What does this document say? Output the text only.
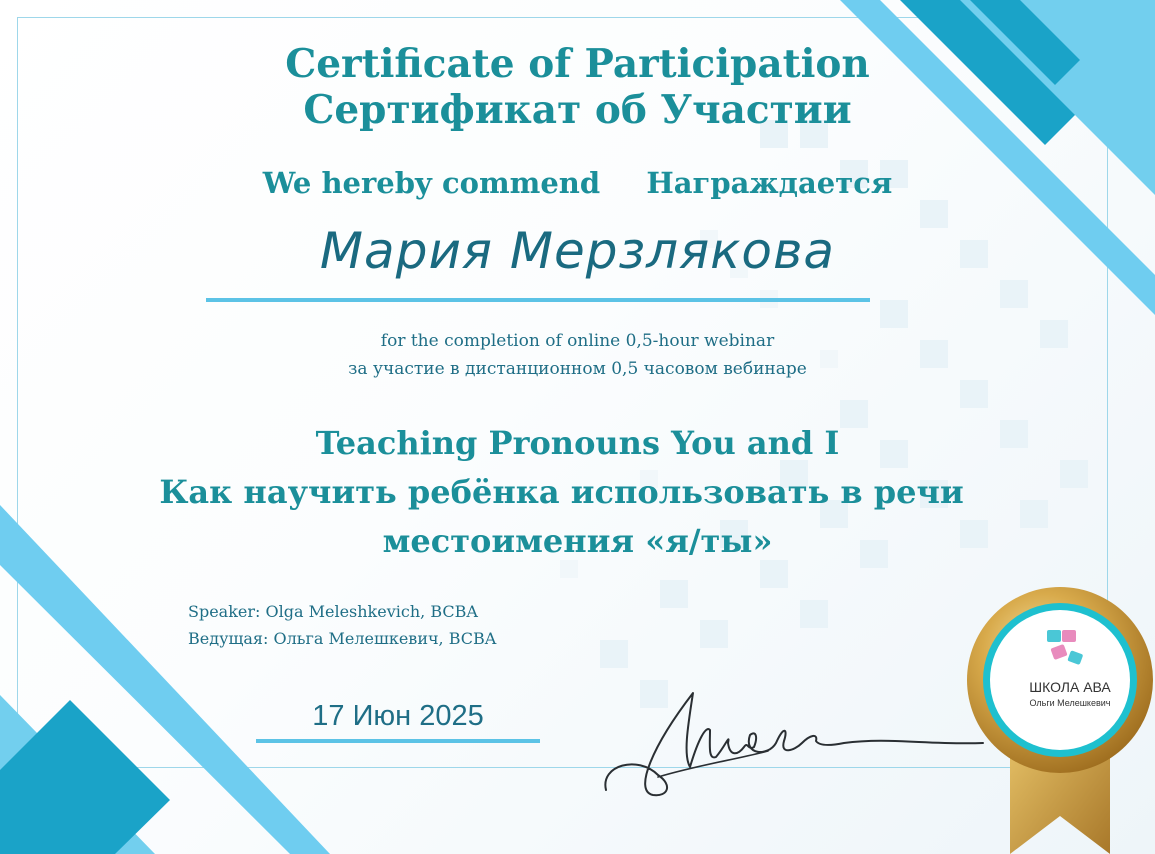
Certificate of Participation
Сертификат об Участии
We hereby commend Награждается
Мария Мерзлякова
for the completion of online 0,5-hour webinar
за участие в дистанционном 0,5 часовом вебинаре
Teaching Pronouns You and I
Как научить ребёнка использовать в речи
местоимения «я/ты»
Speaker: Olga Meleshkevich, BCBA
Ведущая: Ольга Мелешкевич, BCBA
17 Июн 2025
ШКОЛА АВА
Ольги Мелешкевич
